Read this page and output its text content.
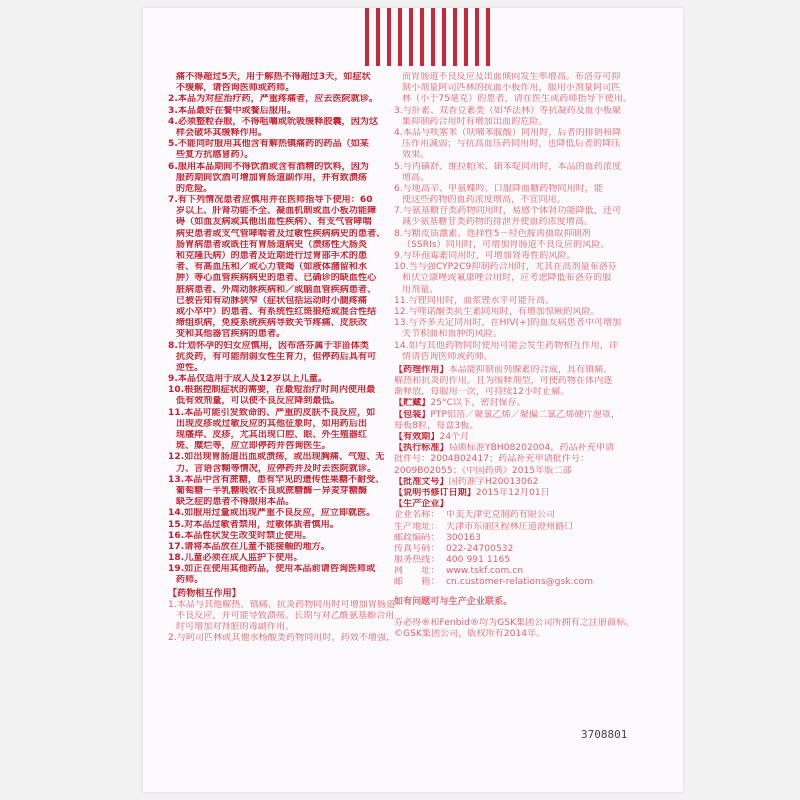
痛不得超过5天，用于解热不得超过3天，如症状
不缓解，请咨询医师或药师。
2.本品为对症治疗药，严重疼痛者，应去医院就诊。
3.本品最好在餐中或餐后服用。
4.必须整粒吞服，不得咀嚼或吮吸缓释胶囊，因为这
样会破坏其缓释作用。
5.不能同时服用其他含有解热镇痛药的药品（如某
些复方抗感冒药）。
6.服用本品期间不得饮酒或含有酒精的饮料，因为
服药期间饮酒可增加胃肠道副作用，并有致溃疡
的危险。
7.有下列情况患者应慎用并在医师指导下使用：60
岁以上、肝肾功能不全、凝血机制或血小板功能障
碍（如血友病或其他出血性疾病）、有支气管哮喘
病史患者或支气管哮喘者及过敏性疾病病史的患者、
肠胃病患者或既往有胃肠道病史（溃疡性大肠炎
和克隆氏病）的患者及近期进行过胃部手术的患
者、有高血压和／或心力衰竭（如液体潴留和水
肿）等心血管疾病病史的患者、已确诊的缺血性心
脏病患者、外周动脉疾病和／或脑血管疾病患者、
已被告知有动脉狭窄（症状包括运动时小腿疼痛
或小卒中）的患者、有系统性红斑狼疮或混合性结
缔组织病，免疫系统疾病导致关节疼痛、皮肤改
变和其他器官疾病的患者。
8.计划怀孕的妇女应慎用，因布洛芬属于非甾体类
抗炎药，有可能削弱女性生育力，但停药后具有可
逆性。
9.本品仅适用于成人及12岁以上儿童。
10.根据控制症状的需要，在最短治疗时间内使用最
低有效剂量，可以使不良反应降到最低。
11.本品可能引发致命的、严重的皮肤不良反应，如
出现皮疹或过敏反应的其他征象时，如用药后出
现瘙痒、皮疹，尤其出现口腔、眼、外生殖器红
斑、糜烂等，应立即停药并咨询医生。
12.如出现胃肠道出血或溃疡，或出现胸痛、气短、无
力、言语含糊等情况，应停药并及时去医院就诊。
13.本品中含有蔗糖，患有罕见的遗传性果糖不耐受、
葡萄糖－半乳糖吸收不良或蔗糖酶－异麦芽糖酶
缺乏症的患者不得服用本品。
14.如服用过量或出现严重不良反应，应立即就医。
15.对本品过敏者禁用，过敏体质者慎用。
16.本品性状发生改变时禁止使用。
17.请将本品放在儿童不能接触的地方。
18.儿童必须在成人监护下使用。
19.如正在使用其他药品，使用本品前请咨询医师或
药师。
【药物相互作用】
1.本品与其他解热、镇痛、抗炎药物同用时可增加胃肠道
不良反应，并可能导致溃疡。长期与对乙酰氨基酚合用
时可增加对肾脏的毒副作用。
2.与阿司匹林或其他水杨酸类药物同用时，药效不增强，
而胃肠道不良反应及出血倾向发生率增高。布洛芬可抑
制小剂量阿司匹林的抗血小板作用，服用小剂量阿司匹
林（小于75毫克）的患者，请在医生或药师指导下使用。
3.与肝素、双香豆素类（如华法林）等抗凝药及血小板聚
集抑制药合用时有增加出血的危险。
4.本品与呋塞米（呋喃苯胺酸）同用时，后者的排钠和降
压作用减弱；与抗高血压药同用时，也降低后者的降压
效果。
5.与丙磺舒、维拉帕米、硝苯啶同用时，本品的血药浓度
增高。
6.与地高辛、甲氨蝶呤、口服降血糖药物同用时，能
使这些药物的血药浓度增高，不宜同用。
7.与氨基糖苷类药物同用时，易感个体肾功能降低，还可
减少氨基糖苷类药物的排泄并使血药浓度增高。
8.与糖皮质激素、选择性5－羟色胺再摄取抑制剂
（SSRIs）同用时，可增加胃肠道不良反应的风险。
9.与环孢霉素同用时，可增加肾毒性的风险。
10.当与强CYP2C9抑制药合用时，尤其在高剂量布洛芬
和伏立康唑或氟康唑合用时，应考虑降低布洛芬的服
用剂量。
11.与锂同用时，血浆锂水平可能升高。
12.与喹诺酮类抗生素同用时，有增加惊厥的风险。
13.与齐多夫定同用时，在HIV(+)的血友病患者中可增加
关节积血和血肿的风险。
14.如与其他药物同时使用可能会发生药物相互作用，详
情请咨询医师或药师。
【药理作用】本品能抑制前列腺素的合成，具有镇痛、
解热和抗炎的作用。且为缓释剂型，可使药物在体内逐
渐释放，每服用一次，可持续12小时止痛。
【贮藏】25°C以下，密封保存。
【包装】PTP铝箔／聚氯乙烯／聚偏二氯乙烯硬片泡罩，
每板8粒，每盒3板。
【有效期】24个月
【执行标准】局颁标准YBH08202004，药品补充申请
批件号：2004B02417；药品补充申请批件号：
2009B02055；《中国药典》2015年版二部
【批准文号】国药准字H20013062
【说明书修订日期】2015年12月01日
【生产企业】
企业名称： 中美天津史克制药有限公司
生产地址： 天津市东丽区程林庄道澄州路口
邮政编码： 300163
传真号码： 022-24700532
服务热线： 400 991 1165
网　　址： www.tskf.com.cn
邮　　箱： cn.customer-relations@gsk.com
如有问题可与生产企业联系。
芬必得®和Fenbid®均为GSK集团公司所拥有之注册商标。
©GSK集团公司，版权所有2014年。
3708801
